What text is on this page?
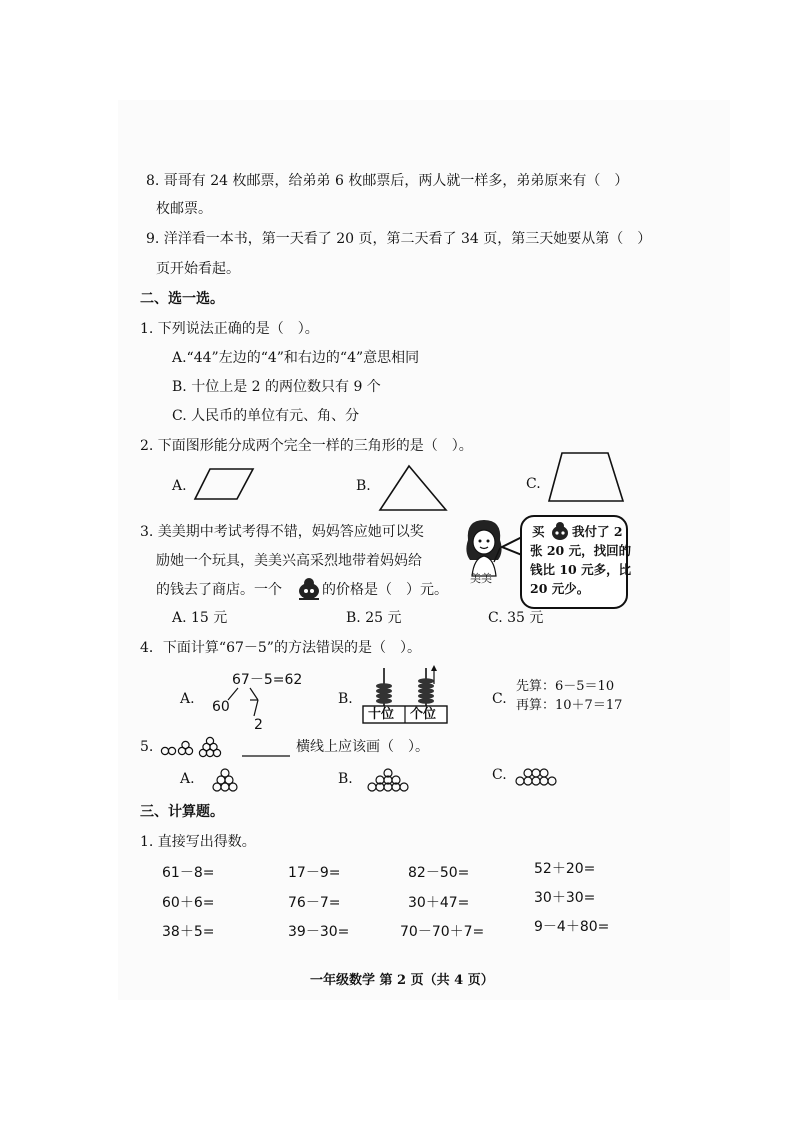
8. 哥哥有 24 枚邮票，给弟弟 6 枚邮票后，两人就一样多，弟弟原来有（　）
枚邮票。
9. 洋洋看一本书，第一天看了 20 页，第二天看了 34 页，第三天她要从第（　）
页开始看起。
二、选一选。
1. 下列说法正确的是（　）。
A.“44”左边的“4”和右边的“4”意思相同
B. 十位上是 2 的两位数只有 9 个
C. 人民币的单位有元、角、分
2. 下面图形能分成两个完全一样的三角形的是（　）。
A.	B.	C.
3. 美美期中考试考得不错，妈妈答应她可以奖
励她一个玩具，美美兴高采烈地带着妈妈给
的钱去了商店。一个	的价格是（　）元。
美美
买 我付了 2
张 20 元，找回的
钱比 10 元多，比
20 元少。
A. 15 元	B. 25 元	C. 35 元
4．下面计算“67－5”的方法错误的是（　）。
A.
67－5=62
60
2
B.
十位 个位
C.
先算：6－5＝10
再算：10＋7＝17
5.	横线上应该画（　）。
A.	B.	C.
三、计算题。
1. 直接写出得数。
61－8=	17－9=	82－50=	52＋20=
60＋6=	76－7=	30＋47=	30＋30=
38＋5=	39－30=	70－70＋7=	9－4＋80=
一年级数学 第 2 页（共 4 页）
